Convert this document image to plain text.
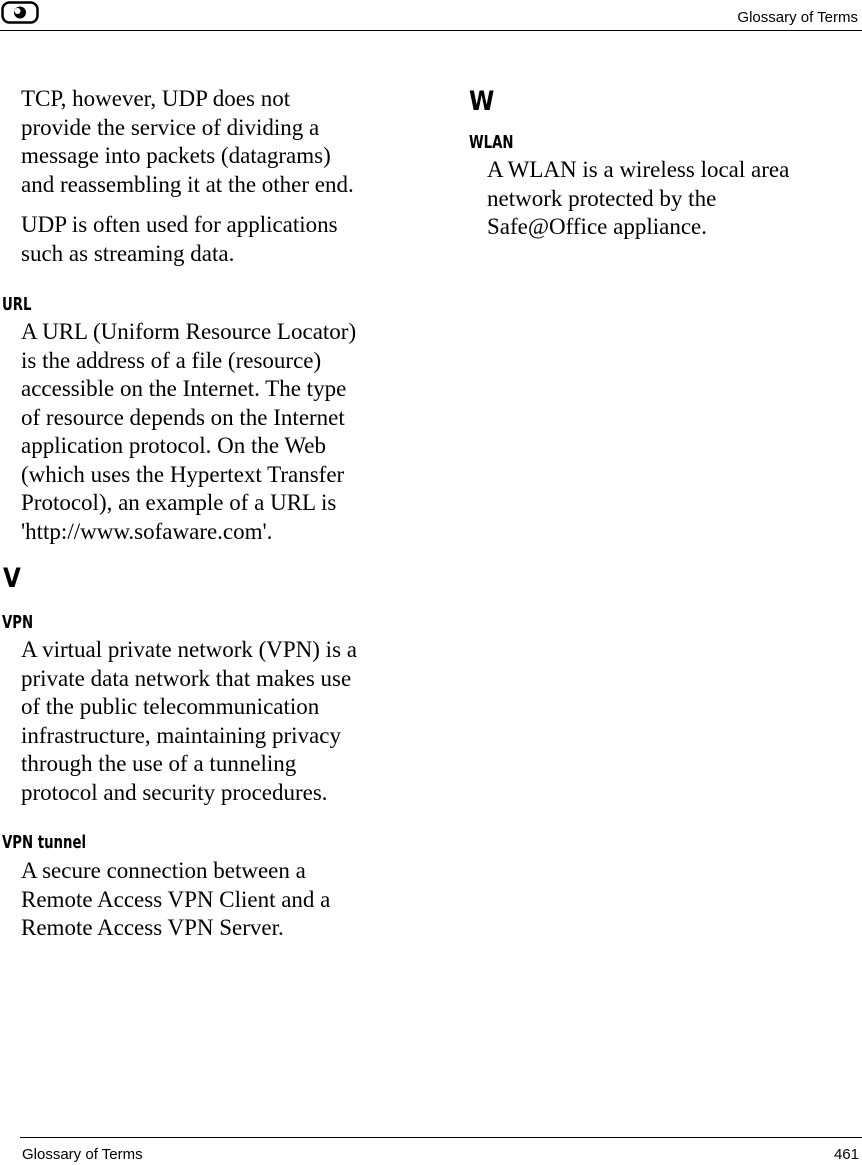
Glossary of Terms

TCP, however, UDP does not

provide the service of dividing a

message into packets (datagrams)

and reassembling it at the other end.

UDP is often used for applications

such as streaming data.

URL

A URL (Uniform Resource Locator)

is the address of a file (resource)

accessible on the Internet. The type

of resource depends on the Internet

application protocol. On the Web

(which uses the Hypertext Transfer

Protocol), an example of a URL is

'http://www.sofaware.com'.

V

VPN

A virtual private network (VPN) is a

private data network that makes use

of the public telecommunication

infrastructure, maintaining privacy

through the use of a tunneling

protocol and security procedures.

VPN tunnel

A secure connection between a

Remote Access VPN Client and a

Remote Access VPN Server.

W

WLAN

A WLAN is a wireless local area

network protected by the

Safe@Office appliance.

Glossary of Terms	461
